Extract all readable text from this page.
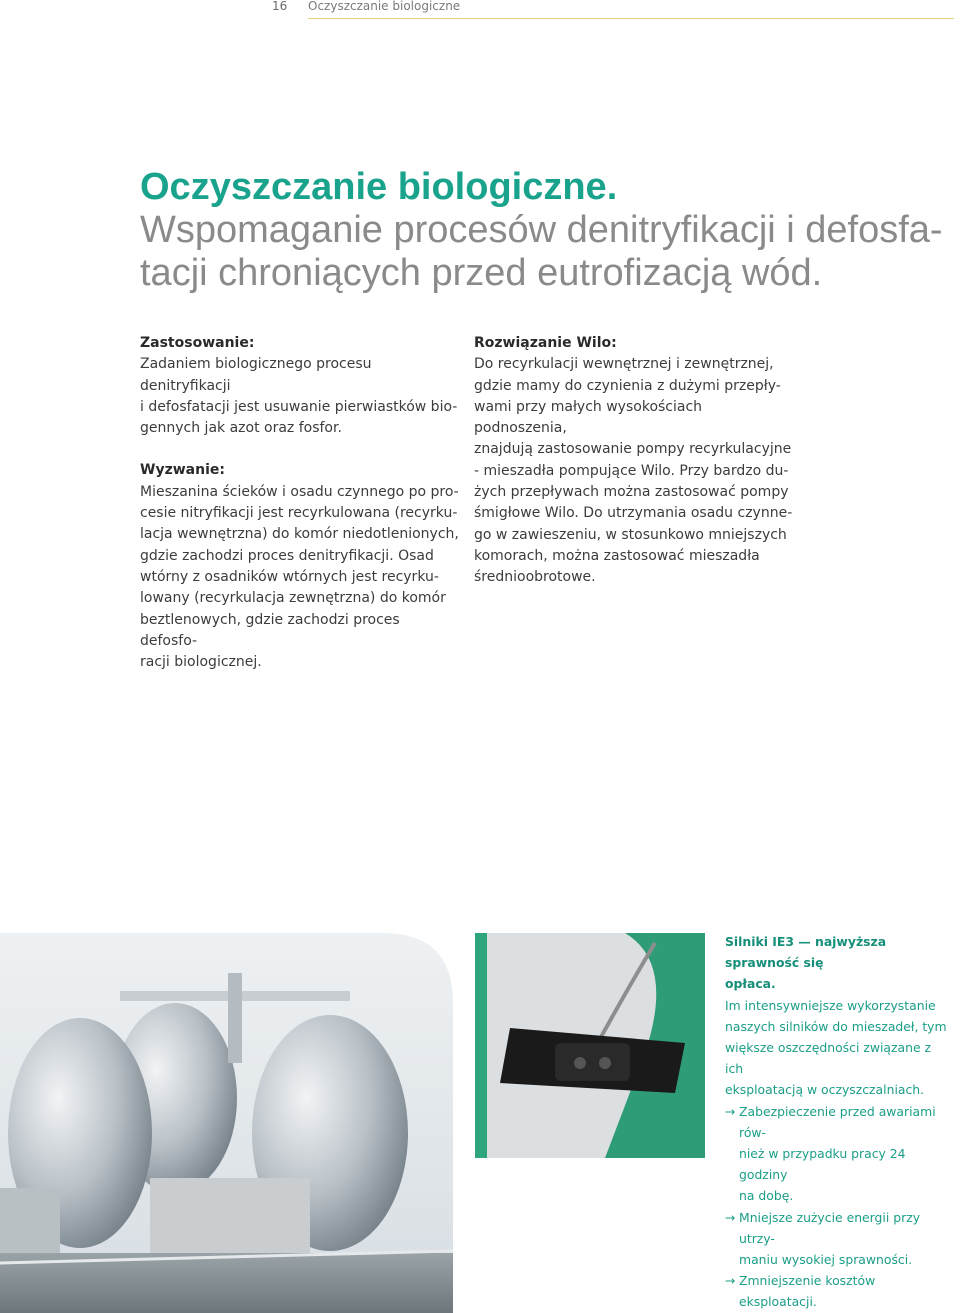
16 Oczyszczanie biologiczne
Oczyszczanie biologiczne.
Wspomaganie procesów denitryfikacji i defosfa-
tacji chroniących przed eutrofizacją wód.
Zastosowanie:

Zadaniem biologicznego procesu denitryfikacji
i defosfatacji jest usuwanie pierwiastków bio-
gennych jak azot oraz fosfor.

Wyzwanie:

Mieszanina ścieków i osadu czynnego po pro-
cesie nitryfikacji jest recyrkulowana (recyrku-
lacja wewnętrzna) do komór niedotlenionych,
gdzie zachodzi proces denitryfikacji. Osad
wtórny z osadników wtórnych jest recyrku-
lowany (recyrkulacja zewnętrzna) do komór
beztlenowych, gdzie zachodzi proces defosfo-
racji biologicznej.

Rozwiązanie Wilo:

Do recyrkulacji wewnętrznej i zewnętrznej,
gdzie mamy do czynienia z dużymi przepły-
wami przy małych wysokościach podnoszenia,
znajdują zastosowanie pompy recyrkulacyjne
- mieszadła pompujące Wilo. Przy bardzo du-
żych przepływach można zastosować pompy
śmigłowe Wilo. Do utrzymania osadu czynne-
go w zawieszeniu, w stosunkowo mniejszych
komorach, można zastosować mieszadła
średnioobrotowe.

Silniki IE3 — najwyższa sprawność się
opłaca.
Im intensywniejsze wykorzystanie
naszych silników do mieszadeł, tym
większe oszczędności związane z ich
eksploatacją w oczyszczalniach.
→ Zabezpieczenie przed awariami rów-
nież w przypadku pracy 24 godziny
na dobę.
→ Mniejsze zużycie energii przy utrzy-
maniu wysokiej sprawności.
→ Zmniejszenie kosztów eksploatacji.
